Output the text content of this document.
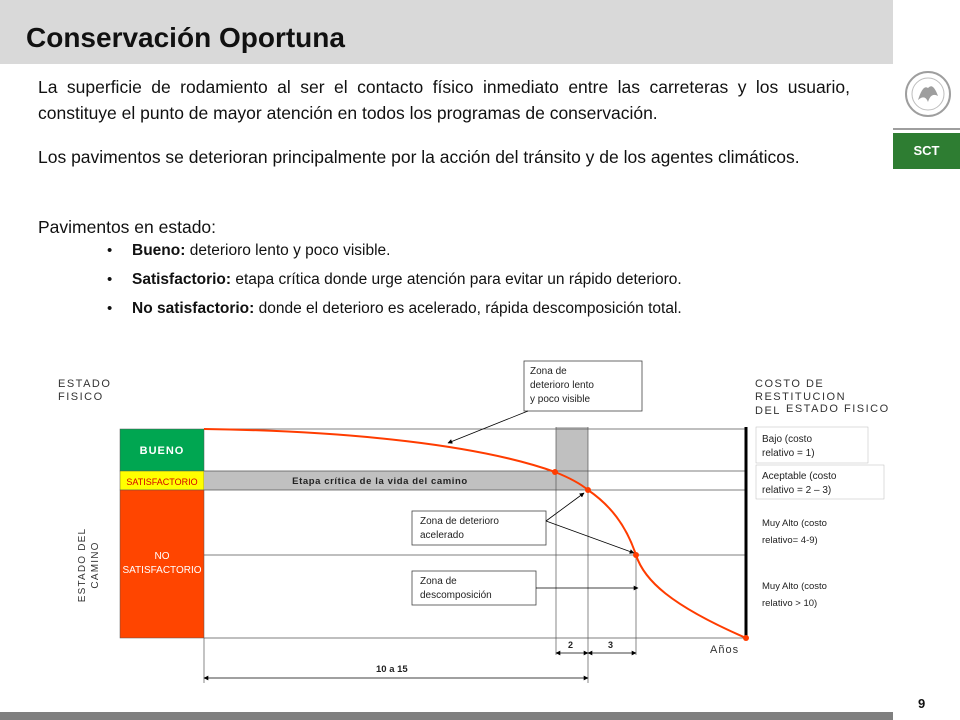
Conservación Oportuna
SCT

La superficie de rodamiento al ser el contacto físico inmediato entre las carreteras y los usuario, constituye el punto de mayor atención en todos los programas de conservación.

Los pavimentos se deterioran principalmente por la acción del tránsito y de los agentes climáticos.

Pavimentos en estado:

• Bueno: deterioro lento y poco visible.
• Satisfactorio: etapa crítica donde urge atención para evitar un rápido deterioro.
• No satisfactorio: donde el deterioro es acelerado, rápida descomposición total.
ESTADO
FISICO
COSTO DE
RESTITUCION
DEL ESTADO FISICO
ESTADO DEL CAMINO
BUENO
SATISFACTORIO
NO
SATISFACTORIO
Etapa crítica de la vida del camino
Zona de
deterioro lento
y poco visible
Zona de deterioro
acelerado
Zona de
descomposición
Bajo (costo
relativo = 1)
Aceptable (costo
relativo = 2 – 3)
Muy Alto (costo
relativo= 4-9)
Muy Alto (costo
relativo > 10)
2	3	Años
10 a 15
9
